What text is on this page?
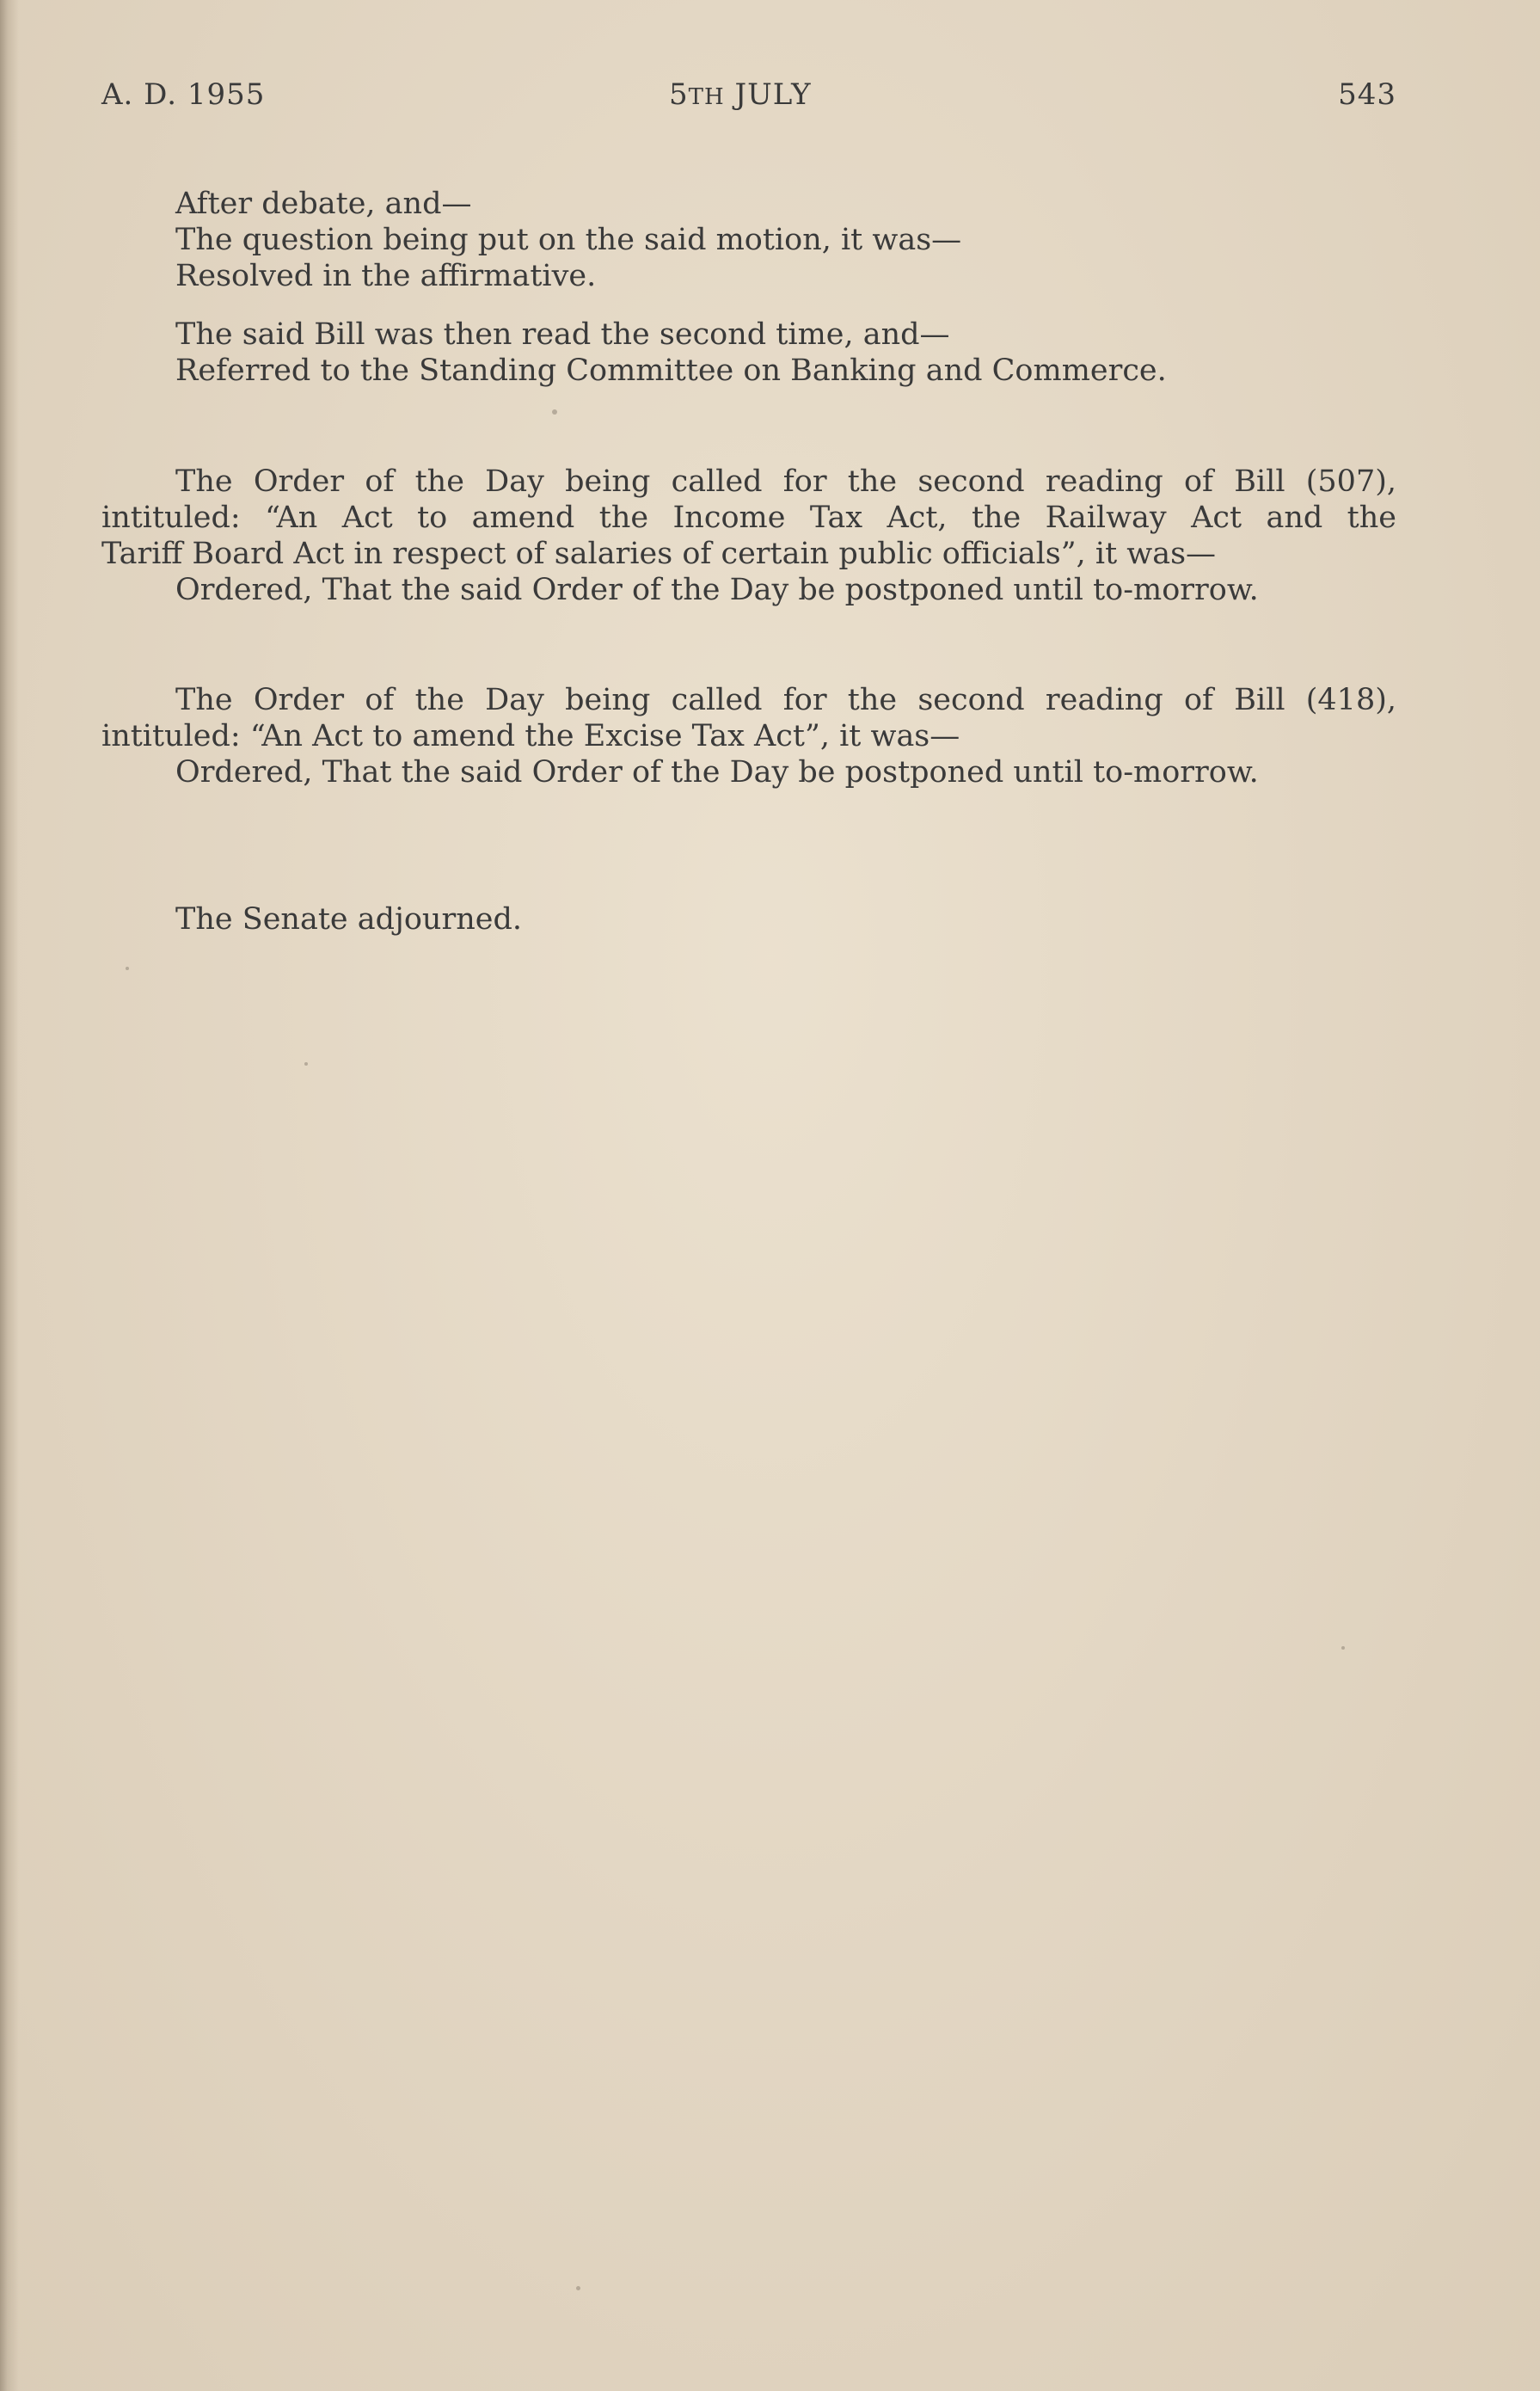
A. D. 1955	5TH JULY	543
After debate, and—
The question being put on the said motion, it was—
Resolved in the affirmative.
The said Bill was then read the second time, and—
Referred to the Standing Committee on Banking and Commerce.
The Order of the Day being called for the second reading of Bill (507),
intituled: “An Act to amend the Income Tax Act, the Railway Act and the
Tariff Board Act in respect of salaries of certain public officials”, it was—
Ordered, That the said Order of the Day be postponed until to-morrow.
The Order of the Day being called for the second reading of Bill (418),
intituled: “An Act to amend the Excise Tax Act”, it was—
Ordered, That the said Order of the Day be postponed until to-morrow.
The Senate adjourned.
